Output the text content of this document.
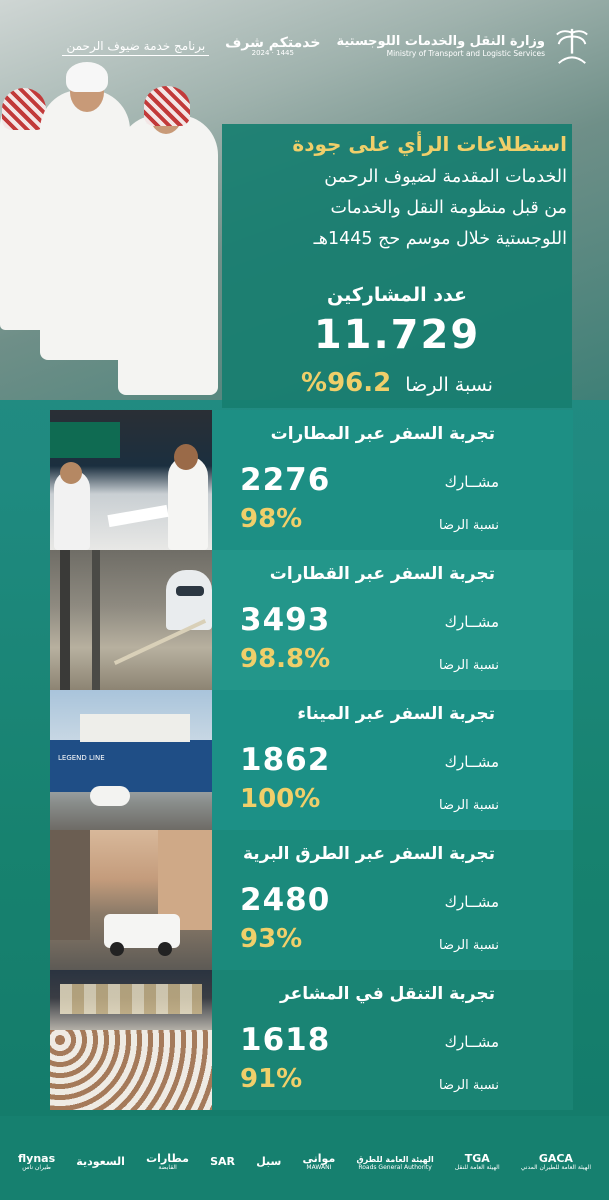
برنامج خدمة ضيوف الرحمن خدمتكم شرف
2024 · 1445
وزارة النقل والخدمات اللوجستية
Ministry of Transport and Logistic Services
استطلاعات الرأي على جودة
الخدمات المقدمة لضيوف الرحمن
من قبل منظومة النقل والخدمات
اللوجستية خلال موسم حج 1445هـ
عدد المشاركين
11.729
نسبة الرضا 96.2%
تجربة السفر عبر المطارات
2276	مشــارك
98%	نسبة الرضا
تجربة السفر عبر القطارات
3493	مشــارك
98.8%	نسبة الرضا
LEGEND LINE
تجربة السفر عبر الميناء
1862	مشــارك
100%	نسبة الرضا
تجربة السفر عبر الطرق البرية
2480	مشــارك
93%	نسبة الرضا
تجربة التنقل في المشاعر
1618	مشــارك
91%	نسبة الرضا
flynas
طيران ناس	السعودية مطارات
القابضة	SAR سبل موانى
MAWANI
الهيئة العامة للطرق
Roads General Authority
TGA
الهيئة العامة للنقل
GACA
الهيئة العامة للطيران المدني
